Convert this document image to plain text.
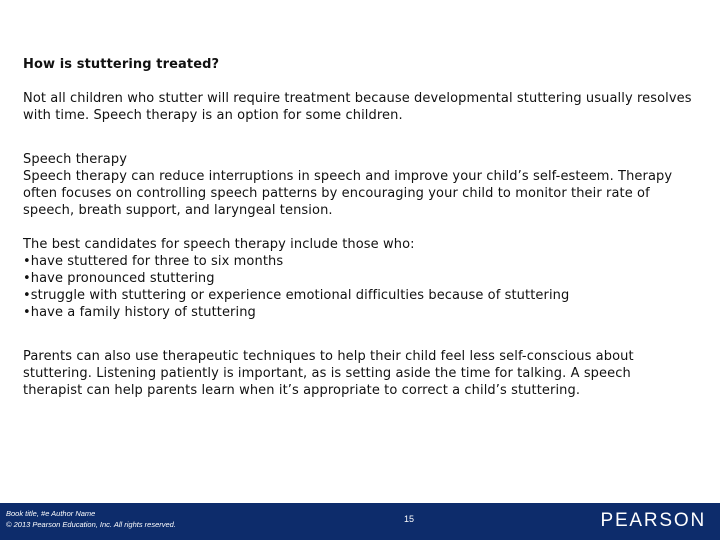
How is stuttering treated?

Not all children who stutter will require treatment because developmental stuttering usually resolves with time. Speech therapy is an option for some children.

Speech therapy

Speech therapy can reduce interruptions in speech and improve your child’s self-esteem. Therapy often focuses on controlling speech patterns by encouraging your child to monitor their rate of speech, breath support, and laryngeal tension.

The best candidates for speech therapy include those who:

•have stuttered for three to six months
•have pronounced stuttering
•struggle with stuttering or experience emotional difficulties because of stuttering
•have a family history of stuttering

Parents can also use therapeutic techniques to help their child feel less self-conscious about stuttering. Listening patiently is important, as is setting aside the time for talking. A speech therapist can help parents learn when it’s appropriate to correct a child’s stuttering.

Book title, #e Author Name
© 2013 Pearson Education, Inc. All rights reserved.
15	PEARSON
